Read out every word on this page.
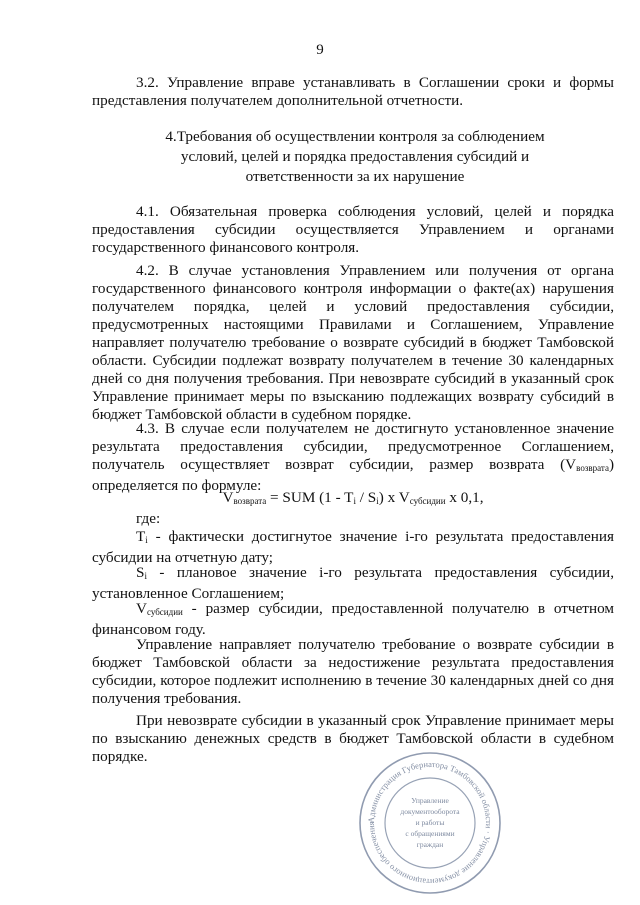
9

3.2. Управление вправе устанавливать в Соглашении сроки и формы представления получателем дополнительной отчетности.

4.Требования об осуществлении контроля за соблюдением
условий, целей и порядка предоставления субсидий и
ответственности за их нарушение

4.1. Обязательная проверка соблюдения условий, целей и порядка предоставления субсидии осуществляется Управлением и органами государственного финансового контроля.

4.2. В случае установления Управлением или получения от органа государственного финансового контроля информации о факте(ах) нарушения получателем порядка, целей и условий предоставления субсидии, предусмотренных настоящими Правилами и Соглашением, Управление направляет получателю требование о возврате субсидий в бюджет Тамбовской области. Субсидии подлежат возврату получателем в течение 30 календарных дней со дня получения требования. При невозврате субсидий в указанный срок Управление принимает меры по взысканию подлежащих возврату субсидий в бюджет Тамбовской области в судебном порядке.

4.3. В случае если получателем не достигнуто установленное значение результата предоставления субсидии, предусмотренное Соглашением, получатель осуществляет возврат субсидии, размер возврата $(V_{возврата})$ определяется по формуле:

$V_{возврата}$ = SUM $(1 - T_i / S_i)$ x $V_{субсидии}$ x 0,1,

где:

$T_i$ - фактически достигнутое значение i-го результата предоставления субсидии на отчетную дату;

$S_i$ - плановое значение i-го результата предоставления субсидии, установленное Соглашением;

$V_{субсидии}$ - размер субсидии, предоставленной получателю в отчетном финансовом году.

Управление направляет получателю требование о возврате субсидии в бюджет Тамбовской области за недостижение результата предоставления субсидии, которое подлежит исполнению в течение 30 календарных дней со дня получения требования.

При невозврате субсидии в указанный срок Управление принимает меры по взысканию денежных средств в бюджет Тамбовской области в судебном порядке.

Администрация Губернатора Тамбовской области · Управление документационного обеспечения
Управление
документооборота
и работы
с обращениями
граждан
